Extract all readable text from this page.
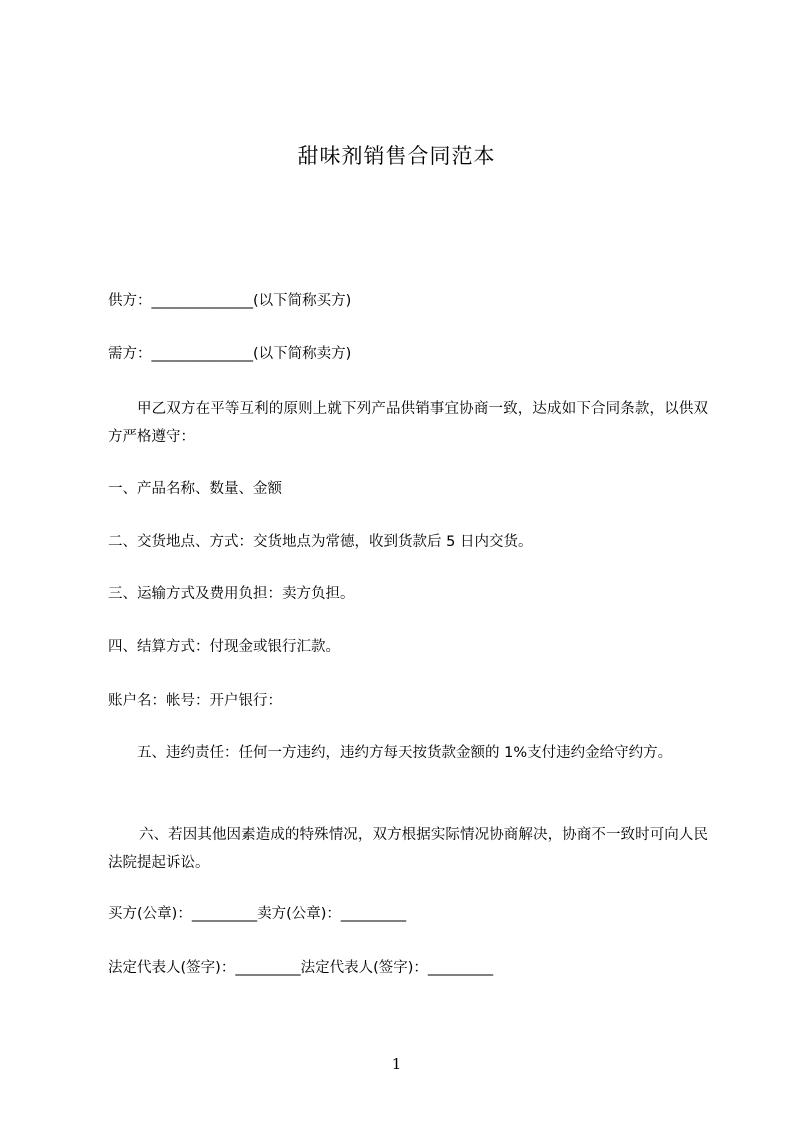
甜味剂销售合同范本
供方：______________(以下简称买方)
需方：______________(以下简称卖方)
甲乙双方在平等互利的原则上就下列产品供销事宜协商一致，达成如下合同条款，以供双方严格遵守：
一、产品名称、数量、金额
二、交货地点、方式：交货地点为常德，收到货款后 5 日内交货。
三、运输方式及费用负担：卖方负担。
四、结算方式：付现金或银行汇款。
账户名：帐号：开户银行：
五、违约责任：任何一方违约，违约方每天按货款金额的 1%支付违约金给守约方。
六、若因其他因素造成的特殊情况，双方根据实际情况协商解决，协商不一致时可向人民法院提起诉讼。
买方(公章)：_________卖方(公章)：_________
法定代表人(签字)：_________法定代表人(签字)：_________
1
